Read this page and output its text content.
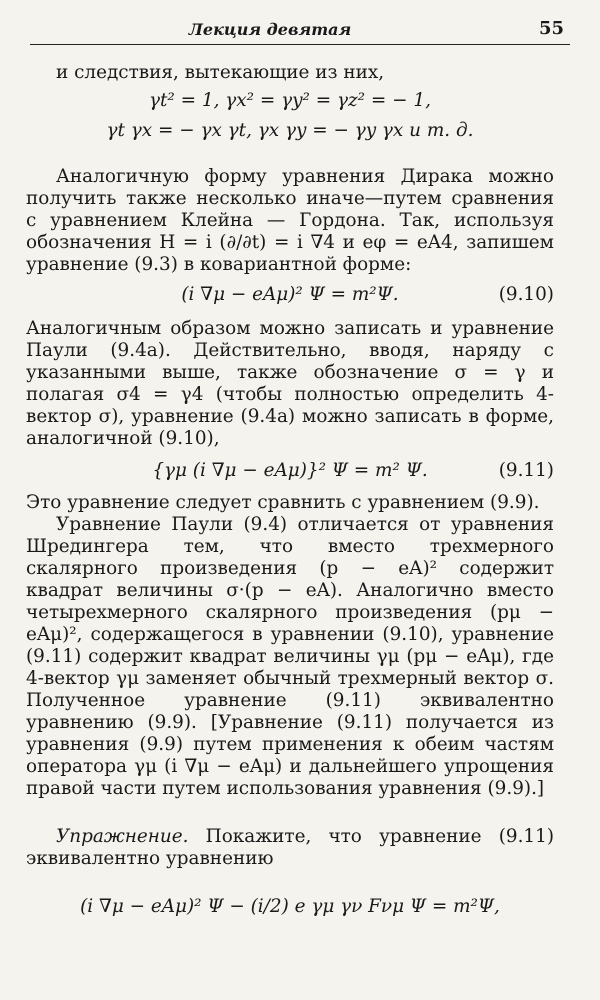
Лекция девятая	55

и следствия, вытекающие из них,

γt² = 1, γx² = γy² = γz² = − 1,

γt γx = − γx γt, γx γy = − γy γx и т. д.

Аналогичную форму уравнения Дирака можно получить также несколько иначе—путем сравнения с уравнением Клейна — Гордона. Так, используя обозначения H = i (∂/∂t) = i ∇4 и eφ = eA4, запишем уравнение (9.3) в ковариантной форме:

(i ∇μ − eAμ)² Ψ = m²Ψ.	(9.10)

Аналогичным образом можно записать и уравнение Паули (9.4а). Действительно, вводя, наряду с указанными выше, также обозначение σ = γ и полагая σ4 = γ4 (чтобы полностью определить 4-вектор σ), уравнение (9.4а) можно записать в форме, аналогичной (9.10),

{γμ (i ∇μ − eAμ)}² Ψ = m² Ψ.	(9.11)

Это уравнение следует сравнить с уравнением (9.9).

Уравнение Паули (9.4) отличается от уравнения Шредингера тем, что вместо трехмерного скалярного произведения (p − eA)² содержит квадрат величины σ·(p − eA). Аналогично вместо четырехмерного скалярного произведения (pμ − eAμ)², содержащегося в уравнении (9.10), уравнение (9.11) содержит квадрат величины γμ (pμ − eAμ), где 4-вектор γμ заменяет обычный трехмерный вектор σ. Полученное уравнение (9.11) эквивалентно уравнению (9.9). [Уравнение (9.11) получается из уравнения (9.9) путем применения к обеим частям оператора γμ (i ∇μ − eAμ) и дальнейшего упрощения правой части путем использования уравнения (9.9).]

Упражнение. Покажите, что уравнение (9.11) эквивалентно уравнению

(i ∇μ − eAμ)² Ψ − (i/2) e γμ γν Fνμ Ψ = m²Ψ,
